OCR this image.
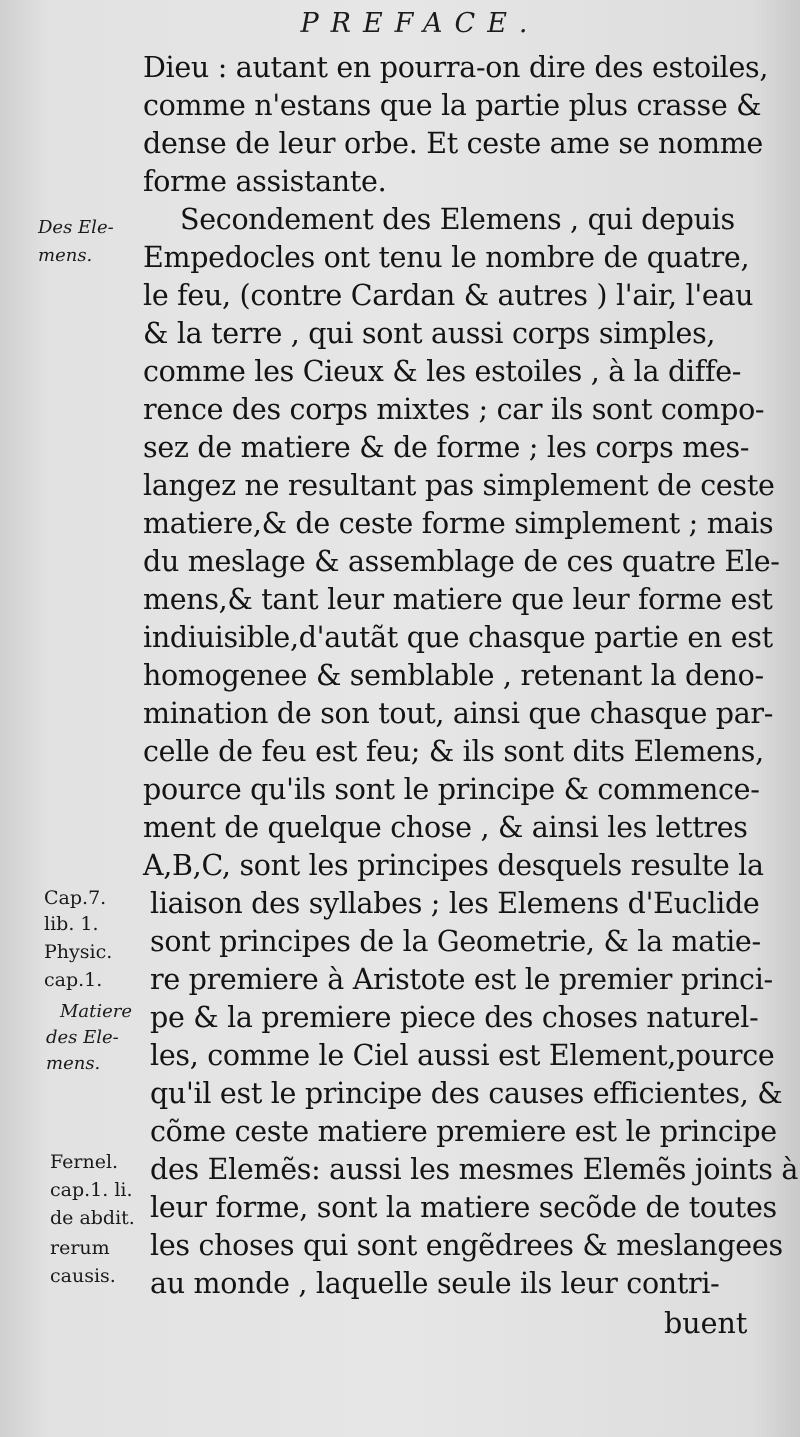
PREFACE.
Dieu : autant en pourra-on dire des estoiles,
comme n'estans que la partie plus crasse &
dense de leur orbe. Et ceste ame se nomme
forme assistante.
Secondement des Elemens , qui depuis
Empedocles ont tenu le nombre de quatre,
le feu, (contre Cardan & autres ) l'air, l'eau
& la terre , qui sont aussi corps simples,
comme les Cieux & les estoiles , à la diffe-
rence des corps mixtes ; car ils sont compo-
sez de matiere & de forme ; les corps mes-
langez ne resultant pas simplement de ceste
matiere,& de ceste forme simplement ; mais
du meslage & assemblage de ces quatre Ele-
mens,& tant leur matiere que leur forme est
indiuisible,d'autãt que chasque partie en est
homogenee & semblable , retenant la deno-
mination de son tout, ainsi que chasque par-
celle de feu est feu; & ils sont dits Elemens,
pource qu'ils sont le principe & commence-
ment de quelque chose , & ainsi les lettres
A,B,C, sont les principes desquels resulte la
liaison des syllabes ; les Elemens d'Euclide
sont principes de la Geometrie, & la matie-
re premiere à Aristote est le premier princi-
pe & la premiere piece des choses naturel-
les, comme le Ciel aussi est Element,pource
qu'il est le principe des causes efficientes, &
cõme ceste matiere premiere est le principe
des Elemẽs: aussi les mesmes Elemẽs joints à
leur forme, sont la matiere secõde de toutes
les choses qui sont engẽdrees & meslangees
au monde , laquelle seule ils leur contri-
buent
Des Ele-
mens.
Cap.7.
lib. 1.
Physic.
cap.1.
Matiere
des Ele-
mens.
Fernel.
cap.1. li.
de abdit.
rerum
causis.
